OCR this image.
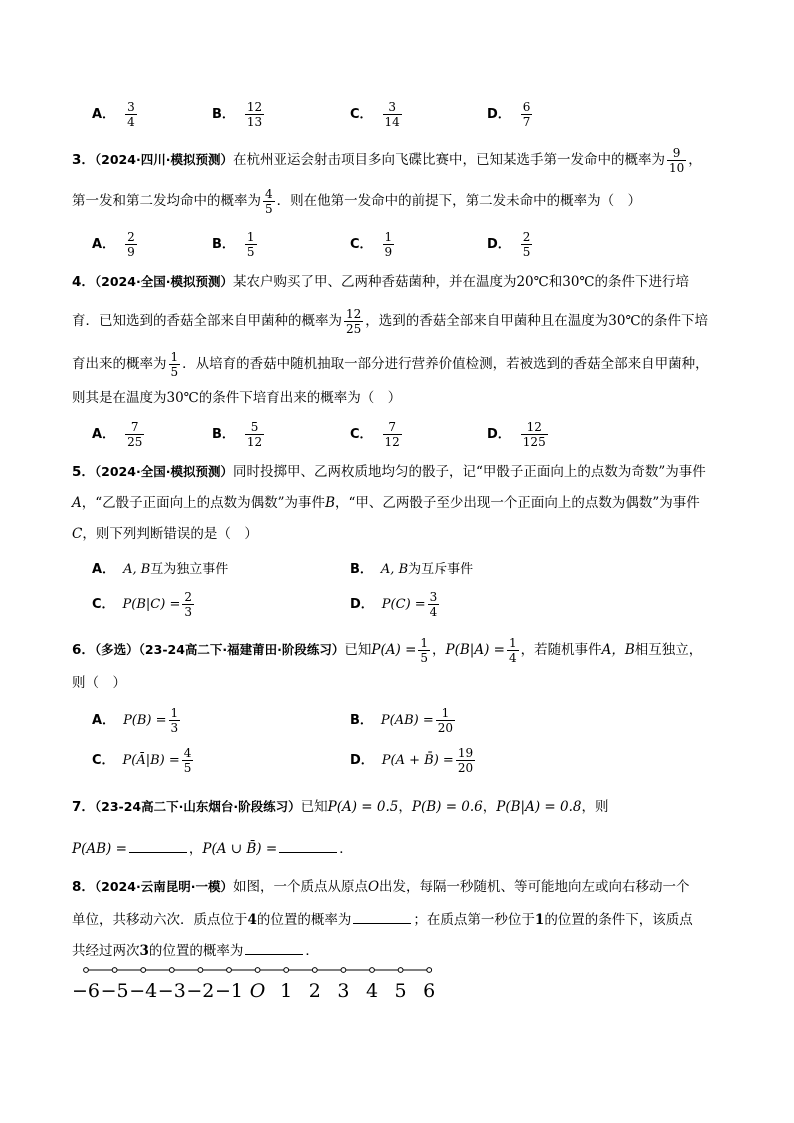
A． $\frac{3}{4}$	B． $\frac{12}{13}$	C． $\frac{3}{14}$	D． $\frac{6}{7}$
3．（2024·四川·模拟预测）在杭州亚运会射击项目多向飞碟比赛中，已知某选手第一发命中的概率为 $\frac{9}{10}$ ，
第一发和第二发均命中的概率为 $\frac{4}{5}$ ．则在他第一发命中的前提下，第二发未命中的概率为（　）
A． $\frac{2}{9}$	B． $\frac{1}{5}$	C． $\frac{1}{9}$	D． $\frac{2}{5}$
4．（2024·全国·模拟预测）某农户购买了甲、乙两种香菇菌种，并在温度为20℃和30℃的条件下进行培
育．已知选到的香菇全部来自甲菌种的概率为 $\frac{12}{25}$ ，选到的香菇全部来自甲菌种且在温度为30℃的条件下培
育出来的概率为 $\frac{1}{5}$ ．从培育的香菇中随机抽取一部分进行营养价值检测，若被选到的香菇全部来自甲菌种，
则其是在温度为30℃的条件下培育出来的概率为（　）
A． $\frac{7}{25}$	B． $\frac{5}{12}$	C． $\frac{7}{12}$	D． $\frac{12}{125}$
5．（2024·全国·模拟预测）同时投掷甲、乙两枚质地均匀的骰子，记“甲骰子正面向上的点数为奇数”为事件
A，“乙骰子正面向上的点数为偶数”为事件B，“甲、乙两骰子至少出现一个正面向上的点数为偶数”为事件
C，则下列判断错误的是（　）
A． A, B互为独立事件	B． A, B为互斥事件
C． $P(B|C) = \frac{2}{3}$	D． $P(C) = \frac{3}{4}$
6．（多选）（23-24高二下·福建莆田·阶段练习）已知$P(A) = \frac{1}{5}$ ，$P(B|A) = \frac{1}{4}$ ，若随机事件A，B相互独立，
则（　）
A． $P(B) = \frac{1}{3}$	B． $P(AB) = \frac{1}{20}$
C． P(Ā|B) = $\frac{4}{5}$	D． P(A + B̄) = $\frac{19}{20}$
7．（23-24高二下·山东烟台·阶段练习）已知P(A) = 0.5，P(B) = 0.6，P(B|A) = 0.8，则
P(AB) =	，P(A ∪ B̄) =	．
8．（2024·云南昆明·一模）如图，一个质点从原点O出发，每隔一秒随机、等可能地向左或向右移动一个
单位，共移动六次．质点位于4的位置的概率为	；在质点第一秒位于1的位置的条件下，该质点
共经过两次3的位置的概率为	．
−6 −5 −4 −3 −2 −1 O 1 2 3 4 5 6
